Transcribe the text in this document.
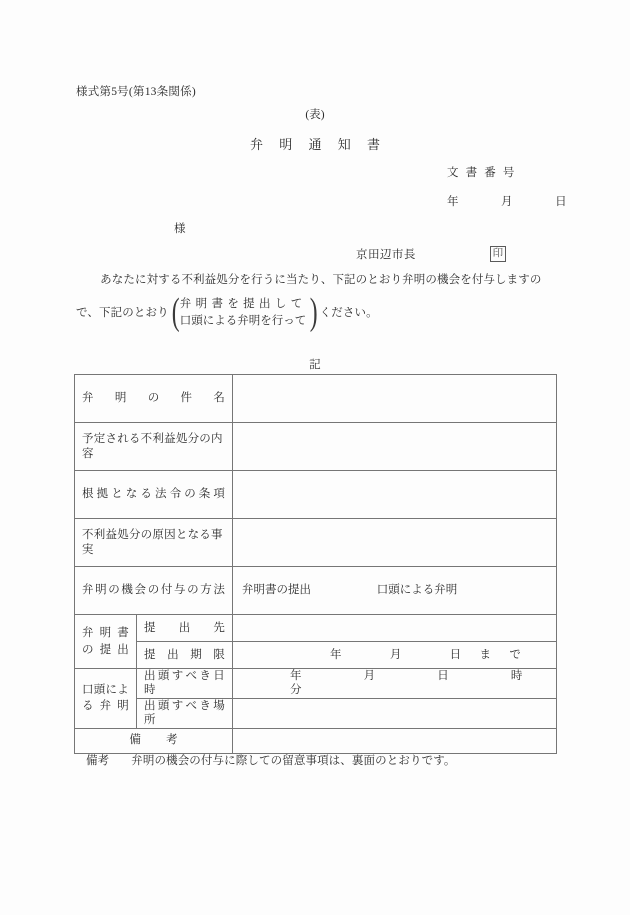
様式第5号(第13条関係)
(表)
弁明通知書
文書番号
年　月　日
様
京田辺市長	印
あなたに対する不利益処分を行うに当たり、下記のとおり弁明の機会を付与しますの
で、下記のとおり ( 弁明書を提出して
口頭による弁明を行って ) ください。
記
弁明の件名		

予定される不利益処分の内容		

根拠となる法令の条項		

不利益処分の原因となる事実		

弁明の機会の付与の方法		弁明書の提出 口頭による弁明

弁明書
の提出	提出先	

	提出期限	年　月　日まで

口頭によ
る弁明	出頭すべき日時	年　月　日　時　分

	出頭すべき場所	

備考		
備考 弁明の機会の付与に際しての留意事項は、裏面のとおりです。
